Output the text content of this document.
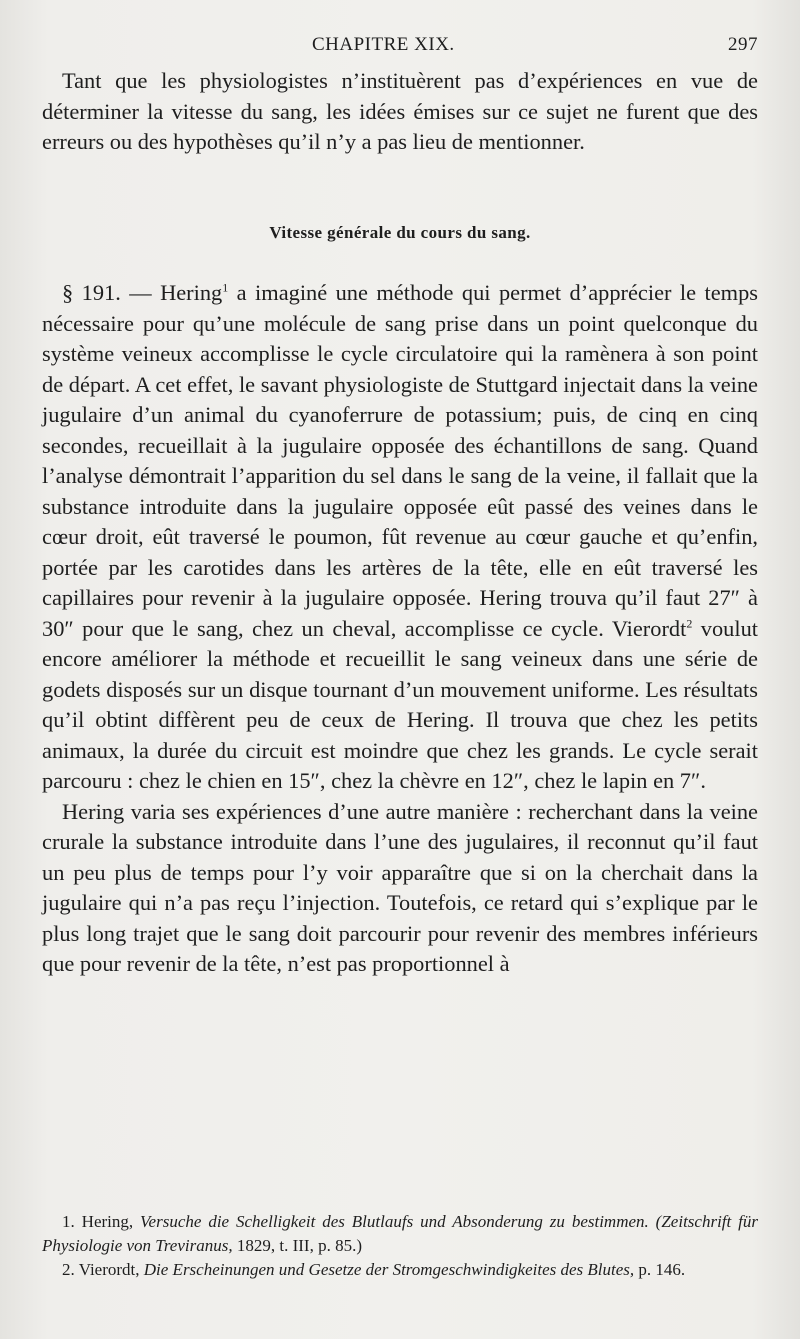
CHAPITRE XIX.	297

Tant que les physiologistes n’instituèrent pas d’expériences en vue de déterminer la vitesse du sang, les idées émises sur ce sujet ne furent que des erreurs ou des hypothèses qu’il n’y a pas lieu de mentionner.

Vitesse générale du cours du sang.

§ 191. — Hering$^1$ a imaginé une méthode qui permet d’apprécier le temps nécessaire pour qu’une molécule de sang prise dans un point quelconque du système veineux accomplisse le cycle circulatoire qui la ramènera à son point de départ. A cet effet, le savant physiologiste de Stuttgard injectait dans la veine jugulaire d’un animal du cyanoferrure de potassium; puis, de cinq en cinq secondes, recueillait à la jugulaire opposée des échantillons de sang. Quand l’analyse démontrait l’apparition du sel dans le sang de la veine, il fallait que la substance introduite dans la jugulaire opposée eût passé des veines dans le cœur droit, eût traversé le poumon, fût revenue au cœur gauche et qu’enfin, portée par les carotides dans les artères de la tête, elle en eût traversé les capillaires pour revenir à la jugulaire opposée. Hering trouva qu’il faut 27″ à 30″ pour que le sang, chez un cheval, accomplisse ce cycle. Vierordt$^2$ voulut encore améliorer la méthode et recueillit le sang veineux dans une série de godets disposés sur un disque tournant d’un mouvement uniforme. Les résultats qu’il obtint diffèrent peu de ceux de Hering. Il trouva que chez les petits animaux, la durée du circuit est moindre que chez les grands. Le cycle serait parcouru : chez le chien en 15″, chez la chèvre en 12″, chez le lapin en 7″.

Hering varia ses expériences d’une autre manière : recherchant dans la veine crurale la substance introduite dans l’une des jugulaires, il reconnut qu’il faut un peu plus de temps pour l’y voir apparaître que si on la cherchait dans la jugulaire qui n’a pas reçu l’injection. Toutefois, ce retard qui s’explique par le plus long trajet que le sang doit parcourir pour revenir des membres inférieurs que pour revenir de la tête, n’est pas proportionnel à

1. Hering, Versuche die Schelligkeit des Blutlaufs und Absonderung zu bestimmen. (Zeitschrift für Physiologie von Treviranus, 1829, t. III, p. 85.)

2. Vierordt, Die Erscheinungen und Gesetze der Stromgeschwindigkeites des Blutes, p. 146.
